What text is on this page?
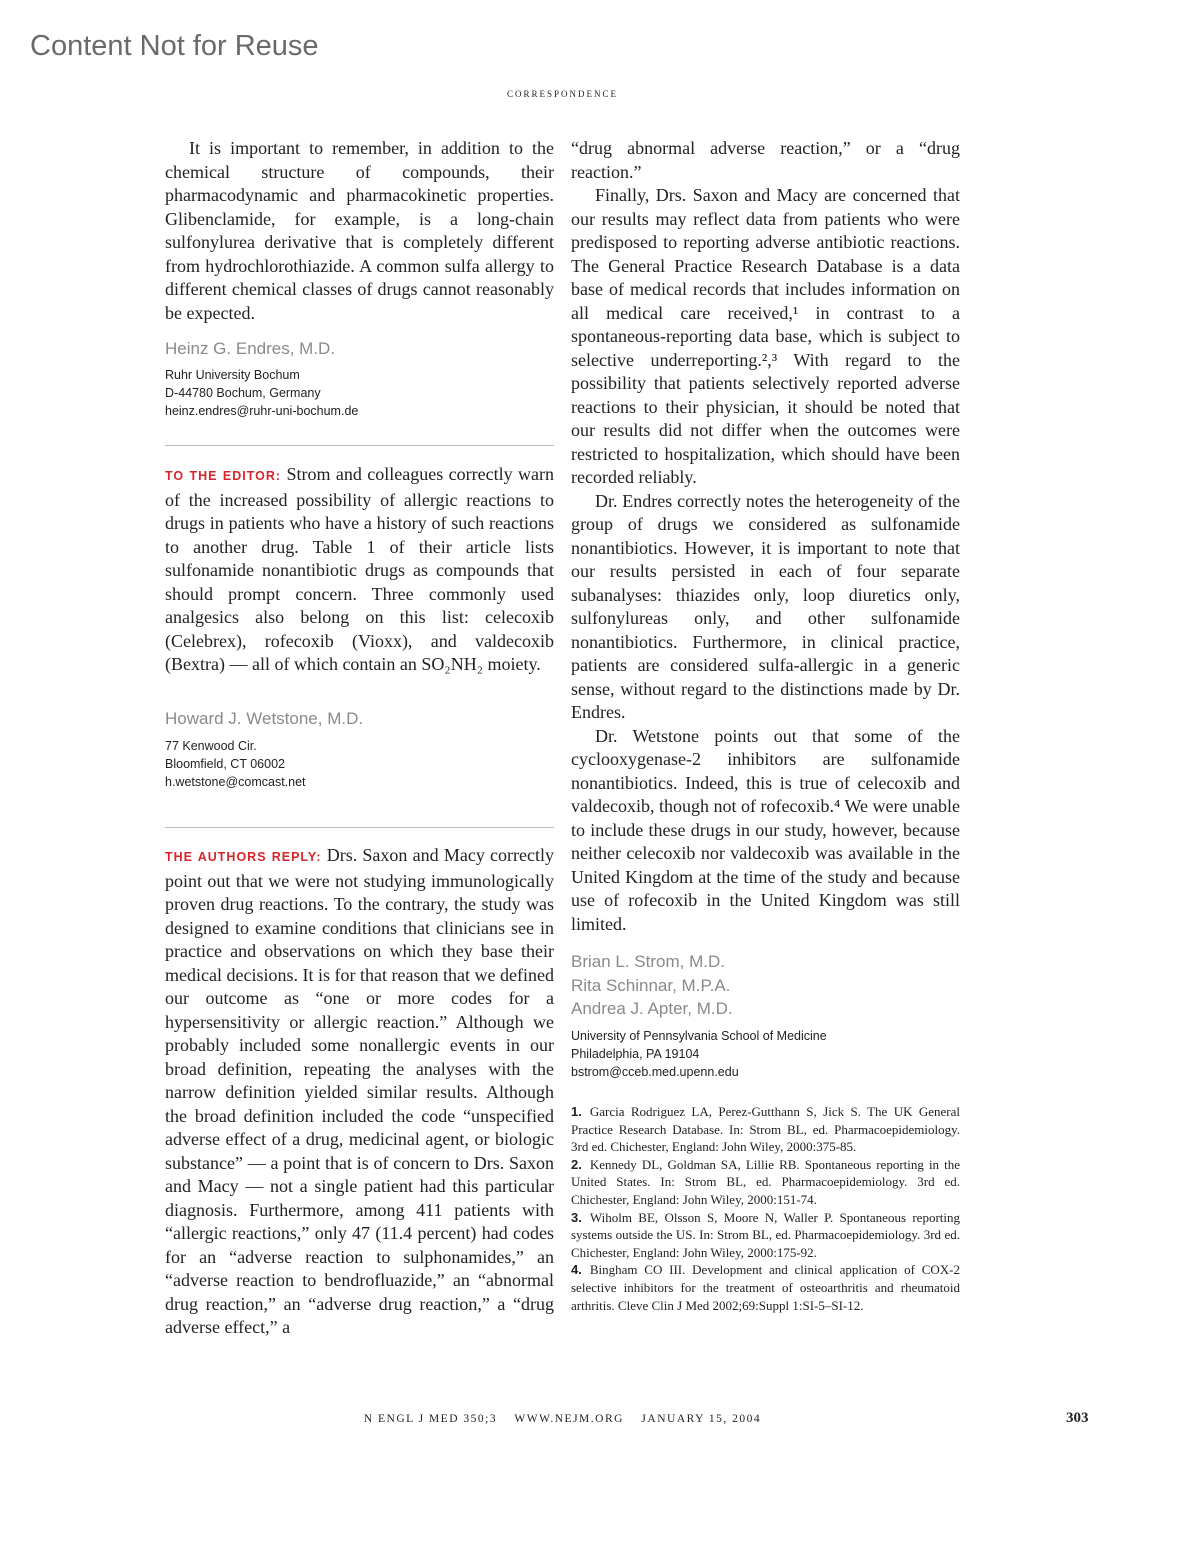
Content Not for Reuse
correspondence

It is important to remember, in addition to the chemical structure of compounds, their pharmacodynamic and pharmacokinetic properties. Glibenclamide, for example, is a long-chain sulfonylurea derivative that is completely different from hydrochlorothiazide. A common sulfa allergy to different chemical classes of drugs cannot reasonably be expected.

Heinz G. Endres, M.D.
Ruhr University Bochum
D-44780 Bochum, Germany
heinz.endres@ruhr-uni-bochum.de

TO THE EDITOR: Strom and colleagues correctly warn of the increased possibility of allergic reactions to drugs in patients who have a history of such reactions to another drug. Table 1 of their article lists sulfonamide nonantibiotic drugs as compounds that should prompt concern. Three commonly used analgesics also belong on this list: celecoxib (Celebrex), rofecoxib (Vioxx), and valdecoxib (Bextra) — all of which contain an SO₂NH₂ moiety.

Howard J. Wetstone, M.D.
77 Kenwood Cir.
Bloomfield, CT 06002
h.wetstone@comcast.net

THE AUTHORS REPLY: Drs. Saxon and Macy correctly point out that we were not studying immunologically proven drug reactions. To the contrary, the study was designed to examine conditions that clinicians see in practice and observations on which they base their medical decisions. It is for that reason that we defined our outcome as “one or more codes for a hypersensitivity or allergic reaction.” Although we probably included some nonallergic events in our broad definition, repeating the analyses with the narrow definition yielded similar results. Although the broad definition included the code “unspecified adverse effect of a drug, medicinal agent, or biologic substance” — a point that is of concern to Drs. Saxon and Macy — not a single patient had this particular diagnosis. Furthermore, among 411 patients with “allergic reactions,” only 47 (11.4 percent) had codes for an “adverse reaction to sulphonamides,” an “adverse reaction to bendrofluazide,” an “abnormal drug reaction,” an “adverse drug reaction,” a “drug adverse effect,” a

“drug abnormal adverse reaction,” or a “drug reaction.”

Finally, Drs. Saxon and Macy are concerned that our results may reflect data from patients who were predisposed to reporting adverse antibiotic reactions. The General Practice Research Database is a data base of medical records that includes information on all medical care received,¹ in contrast to a spontaneous-reporting data base, which is subject to selective underreporting.²,³ With regard to the possibility that patients selectively reported adverse reactions to their physician, it should be noted that our results did not differ when the outcomes were restricted to hospitalization, which should have been recorded reliably.

Dr. Endres correctly notes the heterogeneity of the group of drugs we considered as sulfonamide nonantibiotics. However, it is important to note that our results persisted in each of four separate subanalyses: thiazides only, loop diuretics only, sulfonylureas only, and other sulfonamide nonantibiotics. Furthermore, in clinical practice, patients are considered sulfa-allergic in a generic sense, without regard to the distinctions made by Dr. Endres.

Dr. Wetstone points out that some of the cyclooxygenase-2 inhibitors are sulfonamide nonantibiotics. Indeed, this is true of celecoxib and valdecoxib, though not of rofecoxib.⁴ We were unable to include these drugs in our study, however, because neither celecoxib nor valdecoxib was available in the United Kingdom at the time of the study and because use of rofecoxib in the United Kingdom was still limited.

Brian L. Strom, M.D.
Rita Schinnar, M.P.A.
Andrea J. Apter, M.D.
University of Pennsylvania School of Medicine
Philadelphia, PA 19104
bstrom@cceb.med.upenn.edu
1. Garcia Rodriguez LA, Perez-Gutthann S, Jick S. The UK General Practice Research Database. In: Strom BL, ed. Pharmacoepidemiology. 3rd ed. Chichester, England: John Wiley, 2000:375-85.
2. Kennedy DL, Goldman SA, Lillie RB. Spontaneous reporting in the United States. In: Strom BL, ed. Pharmacoepidemiology. 3rd ed. Chichester, England: John Wiley, 2000:151-74.
3. Wiholm BE, Olsson S, Moore N, Waller P. Spontaneous reporting systems outside the US. In: Strom BL, ed. Pharmacoepidemiology. 3rd ed. Chichester, England: John Wiley, 2000:175-92.
4. Bingham CO III. Development and clinical application of COX-2 selective inhibitors for the treatment of osteoarthritis and rheumatoid arthritis. Cleve Clin J Med 2002;69:Suppl 1:SI-5–SI-12.
N ENGL J MED 350;3    WWW.NEJM.ORG    JANUARY 15, 2004	303
